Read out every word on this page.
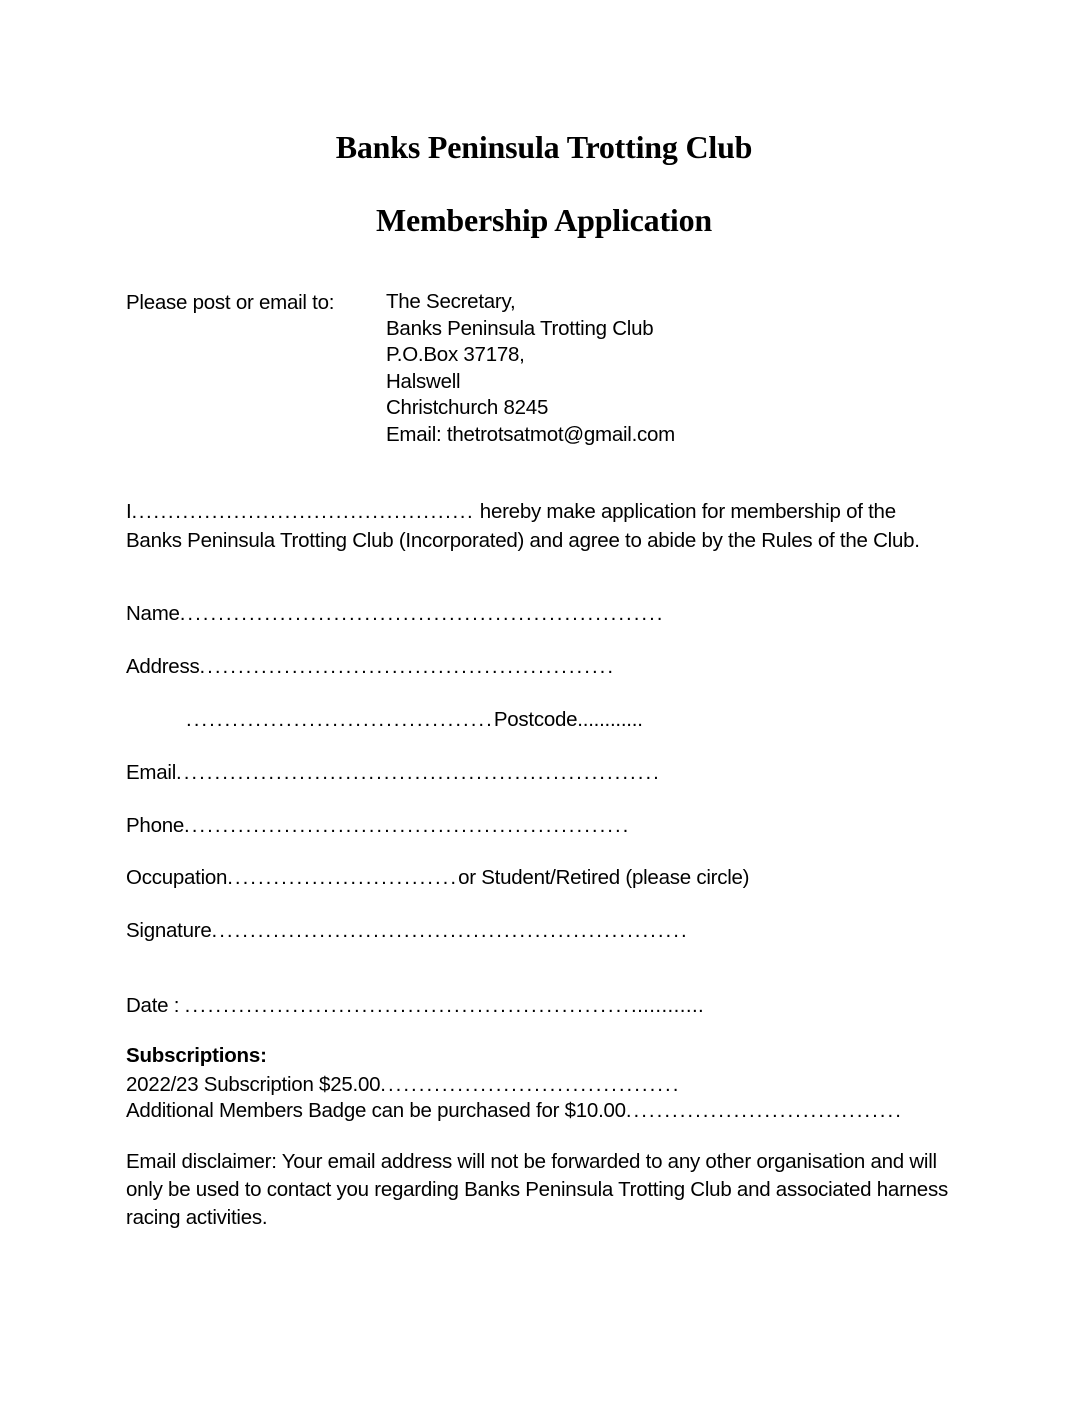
Banks Peninsula Trotting Club
Membership Application
Please post or email to:	The Secretary,
Banks Peninsula Trotting Club
P.O.Box 37178,
Halswell
Christchurch 8245
Email: thetrotsatmot@gmail.com
I............................................... hereby make application for membership of the Banks Peninsula Trotting Club (Incorporated) and agree to abide by the Rules of the Club.
Name...............................................................
Address......................................................
........................................Postcode............
Email...............................................................
Phone..........................................................
Occupation..............................or Student/Retired (please circle)
Signature..............................................................
Date : ......................................................................
Subscriptions:
2022/23 Subscription $25.00.......................................
Additional Members Badge can be purchased for $10.00....................................
Email disclaimer: Your email address will not be forwarded to any other organisation and will only be used to contact you regarding Banks Peninsula Trotting Club and associated harness racing activities.
